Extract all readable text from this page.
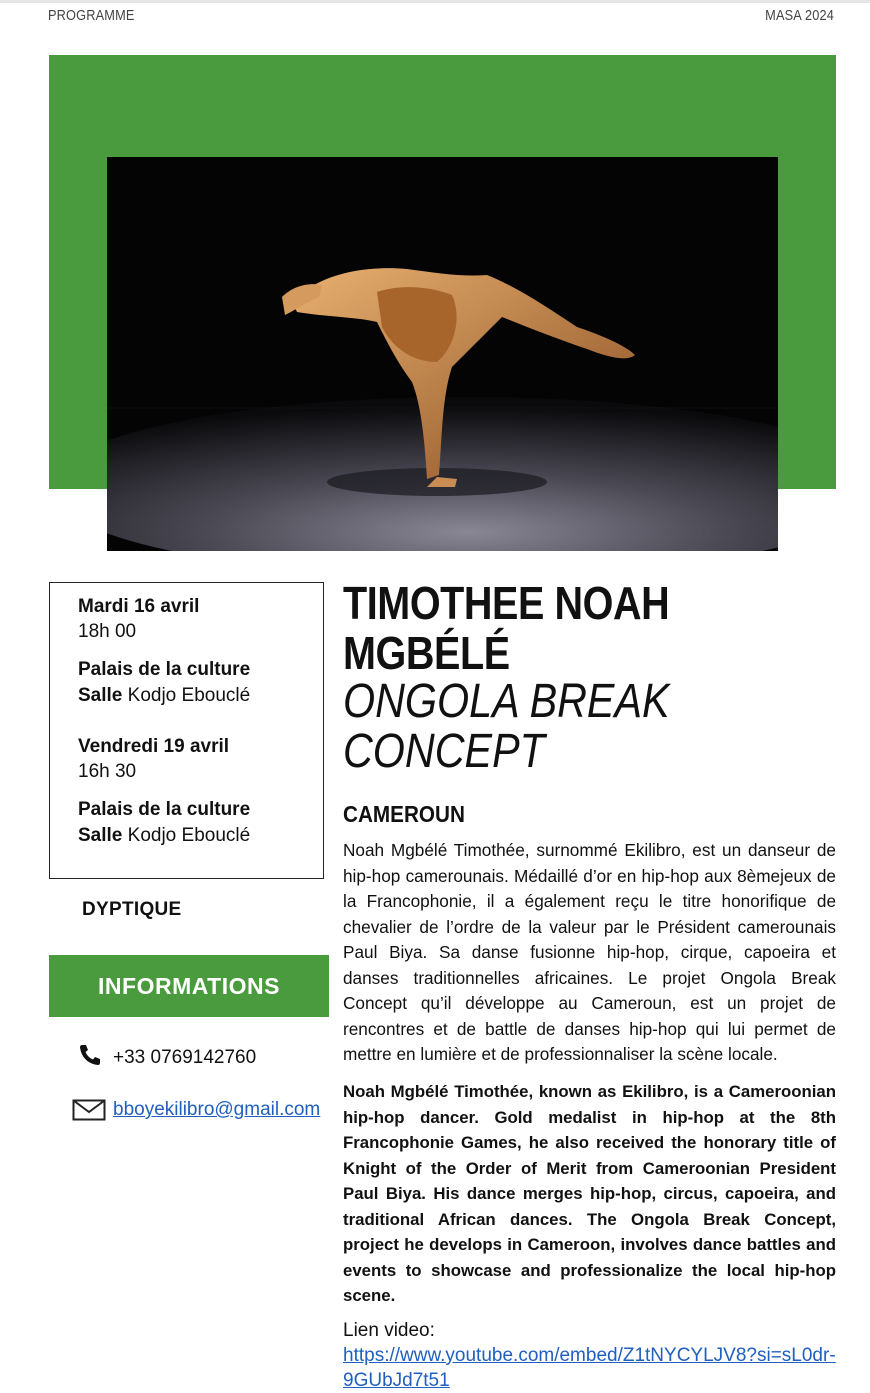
PROGRAMME	MASA 2024
Mardi 16 avril
18h 00
Palais de la culture
Salle Kodjo Ebouclé
Vendredi 19 avril
16h 30
Palais de la culture
Salle Kodjo Ebouclé
DYPTIQUE
INFORMATIONS
+33 0769142760
bboyekilibro@gmail.com
TIMOTHEE NOAH MGBÉLÉ
ONGOLA BREAK CONCEPT
CAMEROUN

Noah Mgbélé Timothée, surnommé Ekilibro, est un danseur de hip-hop camerounais. Médaillé d’or en hip-hop aux 8èmejeux de la Francophonie, il a également reçu le titre honorifique de chevalier de l’ordre de la valeur par le Président camerounais Paul Biya. Sa danse fusionne hip-hop, cirque, capoeira et danses traditionnelles africaines. Le projet Ongola Break Concept qu’il développe au Cameroun, est un projet de rencontres et de battle de danses hip-hop qui lui permet de mettre en lumière et de professionnaliser la scène locale.

Noah Mgbélé Timothée, known as Ekilibro, is a Cameroonian hip-hop dancer. Gold medalist in hip-hop at the 8th Francophonie Games, he also received the honorary title of Knight of the Order of Merit from Cameroonian President Paul Biya. His dance merges hip-hop, circus, capoeira, and traditional African dances. The Ongola Break Concept, project he develops in Cameroon, involves dance battles and events to showcase and professionalize the local hip-hop scene.

Lien video: https://www.youtube.com/embed/Z1tNYCYLJV8?si=sL0dr-9GUbJd7t51
